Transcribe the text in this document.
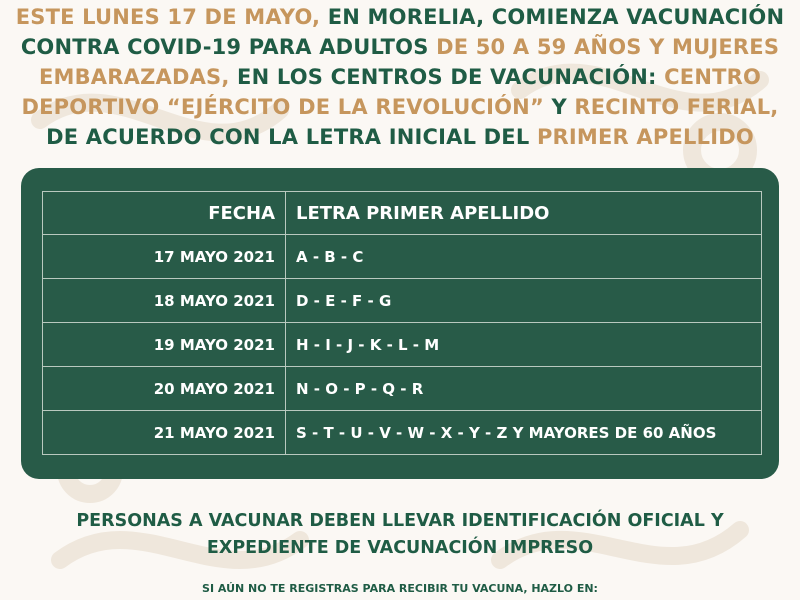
ESTE LUNES 17 DE MAYO, EN MORELIA, COMIENZA VACUNACIÓN
CONTRA COVID-19 PARA ADULTOS DE 50 A 59 AÑOS Y MUJERES
EMBARAZADAS, EN LOS CENTROS DE VACUNACIÓN: CENTRO
DEPORTIVO “EJÉRCITO DE LA REVOLUCIÓN” Y RECINTO FERIAL,
DE ACUERDO CON LA LETRA INICIAL DEL PRIMER APELLIDO
FECHA	LETRA PRIMER APELLIDO
17 MAYO 2021	A - B - C
18 MAYO 2021	D - E - F - G
19 MAYO 2021	H - I - J - K - L - M
20 MAYO 2021	N - O - P - Q - R
21 MAYO 2021	S - T - U - V - W - X - Y - Z Y MAYORES DE 60 AÑOS
PERSONAS A VACUNAR DEBEN LLEVAR IDENTIFICACIÓN OFICIAL Y
EXPEDIENTE DE VACUNACIÓN IMPRESO
SI AÚN NO TE REGISTRAS PARA RECIBIR TU VACUNA, HAZLO EN:
